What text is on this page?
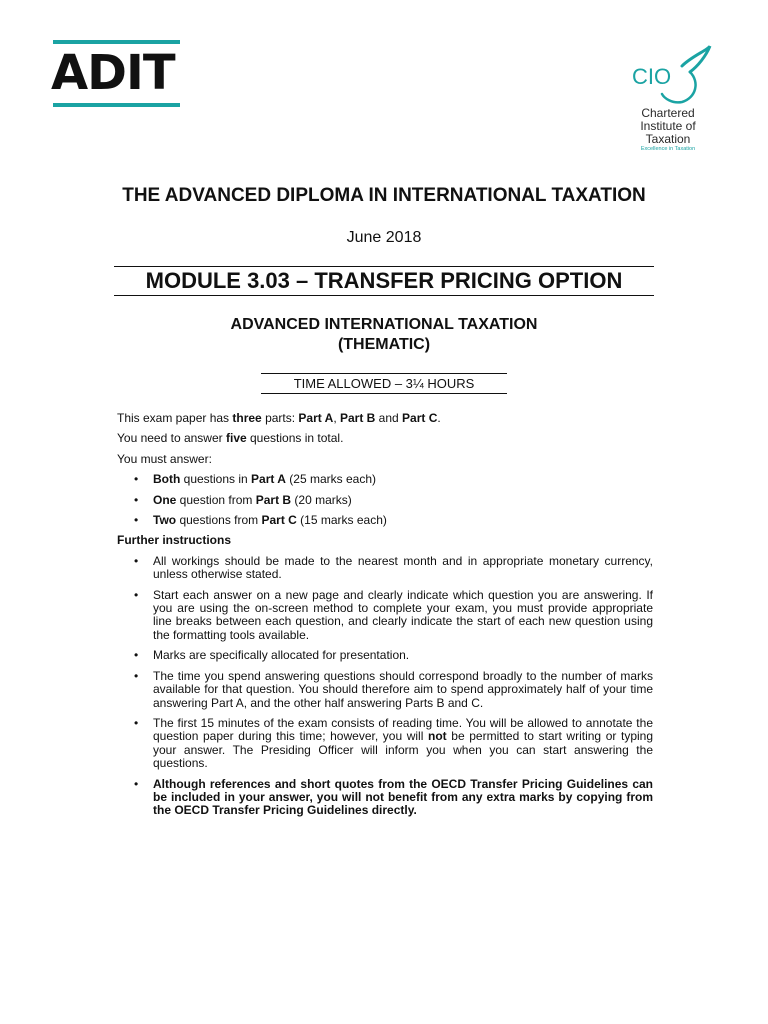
ADIT	CIO
Chartered
Institute of
Taxation
Excellence in Taxation
THE ADVANCED DIPLOMA IN INTERNATIONAL TAXATION
June 2018
MODULE 3.03 – TRANSFER PRICING OPTION
ADVANCED INTERNATIONAL TAXATION
(THEMATIC)
TIME ALLOWED – 3¼ HOURS

This exam paper has three parts: Part A, Part B and Part C.

You need to answer five questions in total.

You must answer:

• Both questions in Part A (25 marks each)
• One question from Part B (20 marks)
• Two questions from Part C (15 marks each)

Further instructions

• All workings should be made to the nearest month and in appropriate monetary currency, unless otherwise stated.
• Start each answer on a new page and clearly indicate which question you are answering. If you are using the on-screen method to complete your exam, you must provide appropriate line breaks between each question, and clearly indicate the start of each new question using the formatting tools available.
• Marks are specifically allocated for presentation.
• The time you spend answering questions should correspond broadly to the number of marks available for that question. You should therefore aim to spend approximately half of your time answering Part A, and the other half answering Parts B and C.
• The first 15 minutes of the exam consists of reading time. You will be allowed to annotate the question paper during this time; however, you will not be permitted to start writing or typing your answer. The Presiding Officer will inform you when you can start answering the questions.
• Although references and short quotes from the OECD Transfer Pricing Guidelines can be included in your answer, you will not benefit from any extra marks by copying from the OECD Transfer Pricing Guidelines directly.
